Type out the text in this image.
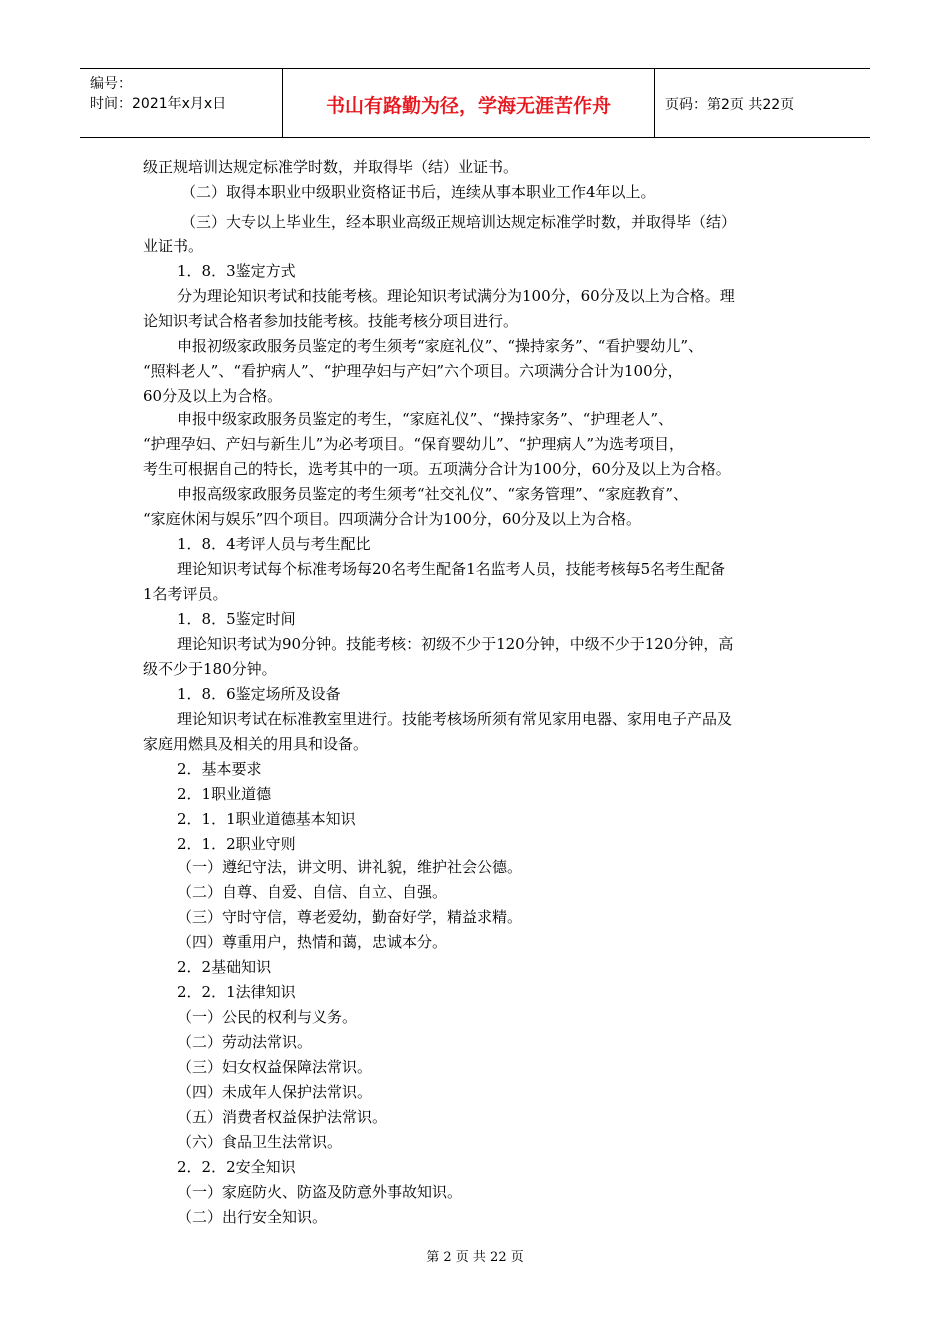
编号：
时间：2021年x月x日	书山有路勤为径，学海无涯苦作舟	页码：第2页 共22页
级正规培训达规定标准学时数，并取得毕（结）业证书。
（二）取得本职业中级职业资格证书后，连续从事本职业工作4年以上。
（三）大专以上毕业生，经本职业高级正规培训达规定标准学时数，并取得毕（结）
业证书。
1．8．3鉴定方式
分为理论知识考试和技能考核。理论知识考试满分为100分，60分及以上为合格。理
论知识考试合格者参加技能考核。技能考核分项目进行。
申报初级家政服务员鉴定的考生须考“家庭礼仪”、“操持家务”、“看护婴幼儿”、
“照料老人”、“看护病人”、“护理孕妇与产妇”六个项目。六项满分合计为100分，
60分及以上为合格。
申报中级家政服务员鉴定的考生，“家庭礼仪”、“操持家务”、“护理老人”、
“护理孕妇、产妇与新生儿”为必考项目。“保育婴幼儿”、“护理病人”为选考项目，
考生可根据自己的特长，选考其中的一项。五项满分合计为100分，60分及以上为合格。
申报高级家政服务员鉴定的考生须考“社交礼仪”、“家务管理”、“家庭教育”、
“家庭休闲与娱乐”四个项目。四项满分合计为100分，60分及以上为合格。
1．8．4考评人员与考生配比
理论知识考试每个标准考场每20名考生配备1名监考人员，技能考核每5名考生配备
1名考评员。
1．8．5鉴定时间
理论知识考试为90分钟。技能考核：初级不少于120分钟，中级不少于120分钟，高
级不少于180分钟。
1．8．6鉴定场所及设备
理论知识考试在标准教室里进行。技能考核场所须有常见家用电器、家用电子产品及
家庭用燃具及相关的用具和设备。
2．基本要求
2．1职业道德
2．1．1职业道德基本知识
2．1．2职业守则
（一）遵纪守法，讲文明、讲礼貌，维护社会公德。
（二）自尊、自爱、自信、自立、自强。
（三）守时守信，尊老爱幼，勤奋好学，精益求精。
（四）尊重用户，热情和蔼，忠诚本分。
2．2基础知识
2．2．1法律知识
（一）公民的权利与义务。
（二）劳动法常识。
（三）妇女权益保障法常识。
（四）未成年人保护法常识。
（五）消费者权益保护法常识。
（六）食品卫生法常识。
2．2．2安全知识
（一）家庭防火、防盗及防意外事故知识。
（二）出行安全知识。
第 2 页 共 22 页
